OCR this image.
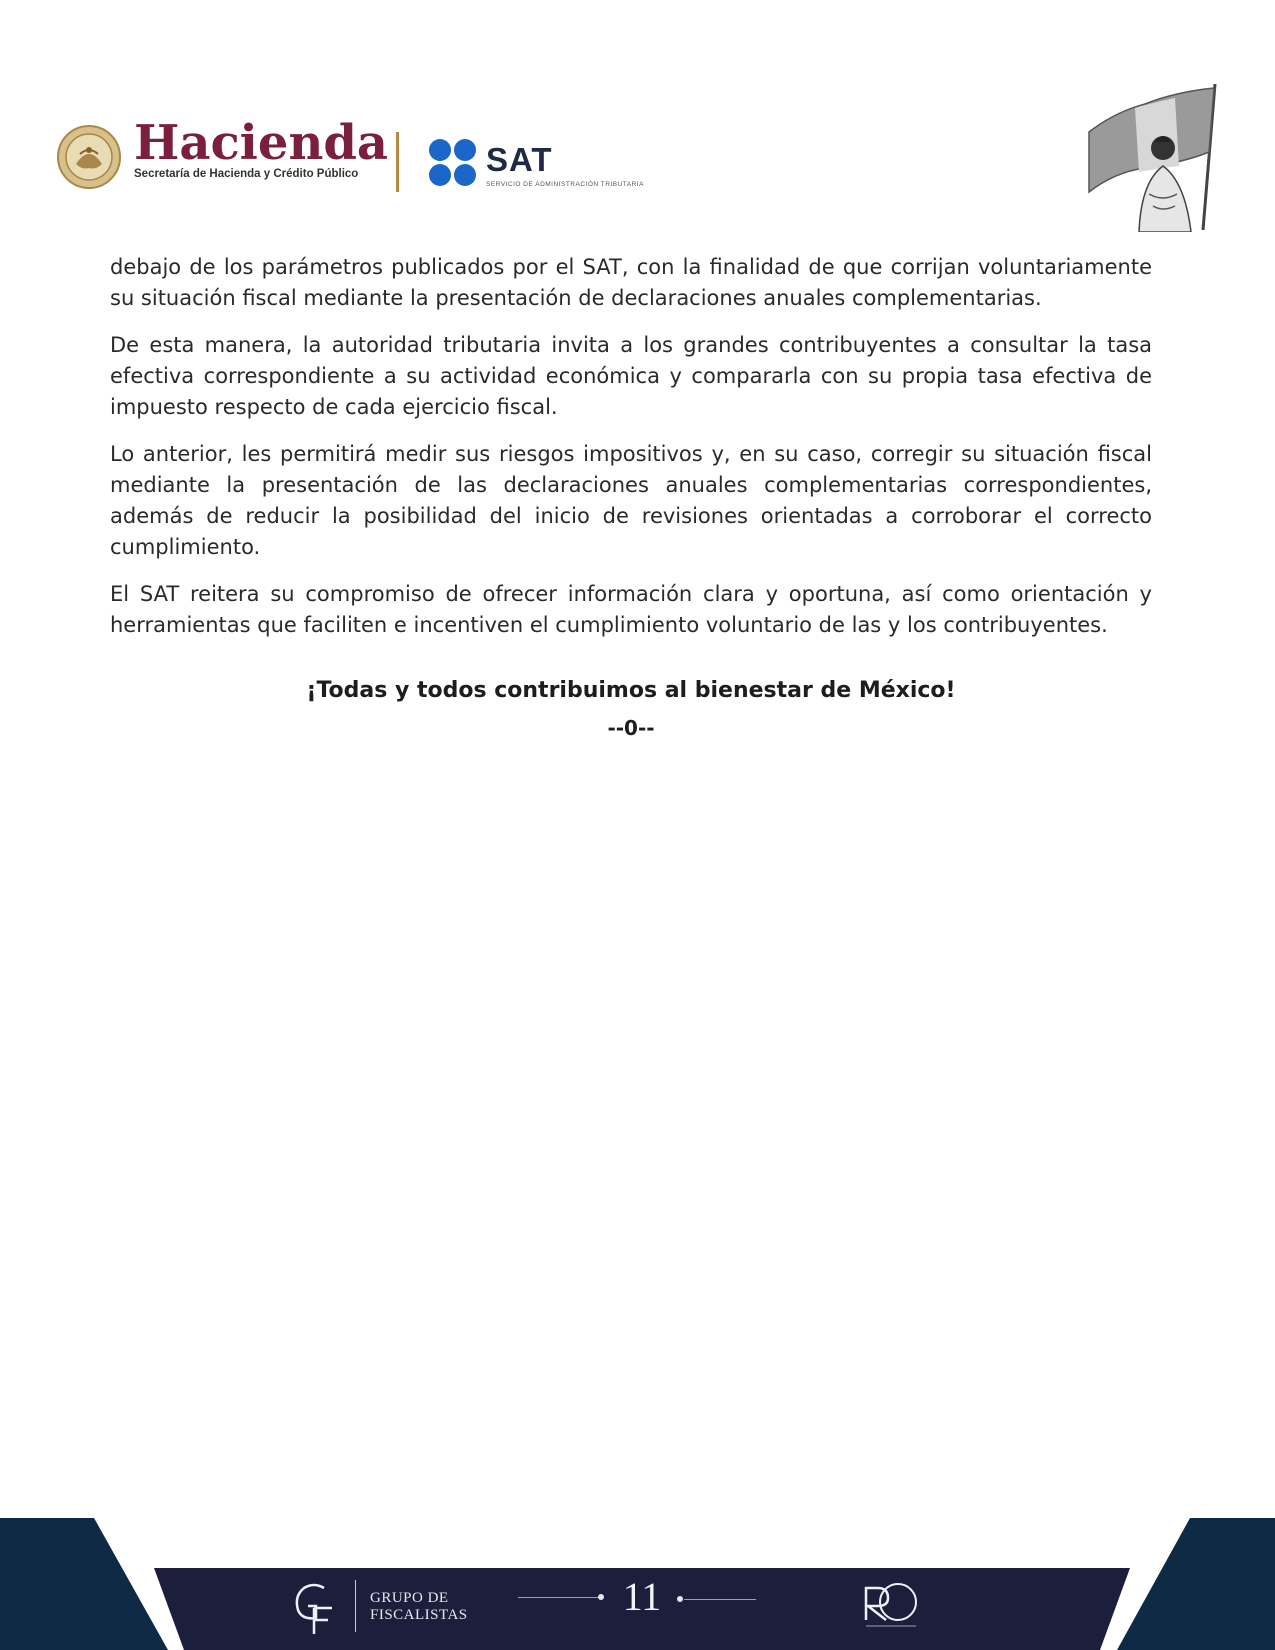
Hacienda
Secretaría de Hacienda y Crédito Público	SAT
SERVICIO DE ADMINISTRACIÓN TRIBUTARIA

debajo de los parámetros publicados por el SAT, con la finalidad de que corrijan voluntariamente su situación fiscal mediante la presentación de declaraciones anuales complementarias.

De esta manera, la autoridad tributaria invita a los grandes contribuyentes a consultar la tasa efectiva correspondiente a su actividad económica y compararla con su propia tasa efectiva de impuesto respecto de cada ejercicio fiscal.

Lo anterior, les permitirá medir sus riesgos impositivos y, en su caso, corregir su situación fiscal mediante la presentación de las declaraciones anuales complementarias correspondientes, además de reducir la posibilidad del inicio de revisiones orientadas a corroborar el correcto cumplimiento.

El SAT reitera su compromiso de ofrecer información clara y oportuna, así como orientación y herramientas que faciliten e incentiven el cumplimiento voluntario de las y los contribuyentes.

¡Todas y todos contribuimos al bienestar de México!
--0--
GRUPO DE
FISCALISTAS	11
